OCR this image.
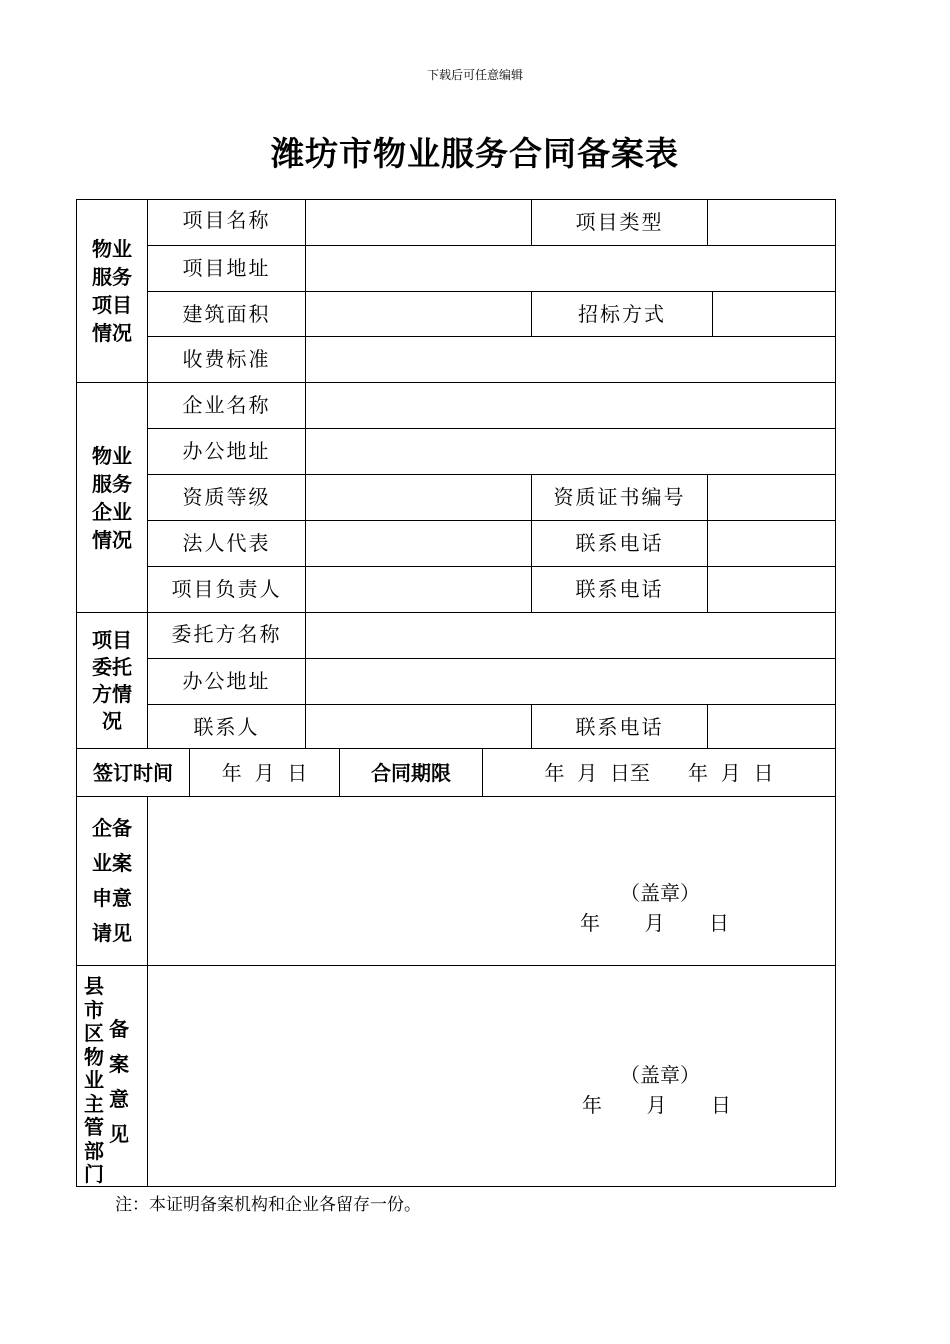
下载后可任意编辑
潍坊市物业服务合同备案表
物业
服务
项目
情况
项目名称	项目类型
项目地址
建筑面积	招标方式
收费标准
物业
服务
企业
情况
企业名称
办公地址
资质等级	资质证书编号
法人代表	联系电话
项目负责人	联系电话
项目
委托
方情
况
委托方名称
办公地址
联系人	联系电话
签订时间	年  月  日	合同期限	年  月  日至      年  月  日
企备
业案
申意
请见
（盖章）
年       月       日
县市区物业主管部门
备案意见
（盖章）
年       月       日
注：本证明备案机构和企业各留存一份。
